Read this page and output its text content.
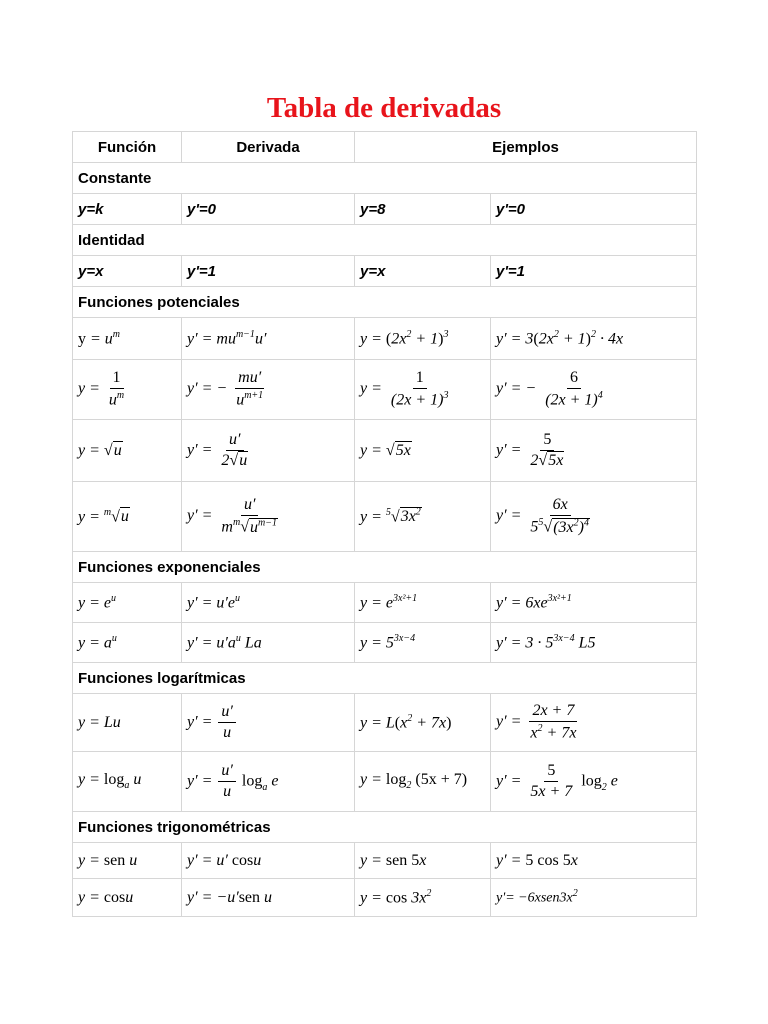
Tabla de derivadas
Función	Derivada	Ejemplos	
Constante			
y=k	y'=0	y=8	y'=0
Identidad			
y=x	y'=1	y=x	y'=1
Funciones potenciales			
$y = u^m$	$y' = mu^{m-1}u'$	$y = (2x^2 + 1)^3$	$y' = 3(2x^2 + 1)^2 \cdot 4x$
$y = \frac{1}{u^m}$	y′ = − $\frac{mu'}{u^{m+1}}$	$y = \frac{1}{(2x + 1)^3}$	y′ = − $\frac{6}{(2x + 1)^4}$

y = √u	$y' = \frac{u'}{2√u}$	y = √5x	$y' = \frac{5}{2√5x}$

y = $^m$√u	$y' = \frac{u'}{m^m√u^{m-1}}$	$y = ^5√3x^2$	$y' = \frac{6x}{5^5√(3x^2)^4}$

Funciones exponenciales			
$y = e^u$	$y' = u'e^u$	$y = e^{3x^2+1}$	$y' = 6xe^{3x^2+1}$
$y = a^u$	$y' = u'a^u$ La	$y = 5^{3x-4}$	$y' = 3 \cdot 5^{3x-4}$ L5
Funciones logarítmicas			
y = Lu	$y' = \frac{u'}{u}$	$y = L(x^2 + 7x)$	$y' = \frac{2x + 7}{x^2 + 7x}$

$y = \log_a u$	$y' = \frac{u'}{u} \log_a e$	$y = \log_2 (5x + 7)$	$y' = \frac{5}{5x + 7} \log_2 e$
Funciones trigonométricas			
y = sen u	y′ = u′ cosu	y = sen 5x	y′ = 5 cos 5x
y = cosu	y′ = −u′sen u	$y = \cos 3x^2$	$y'= -6xsen3x^2$
